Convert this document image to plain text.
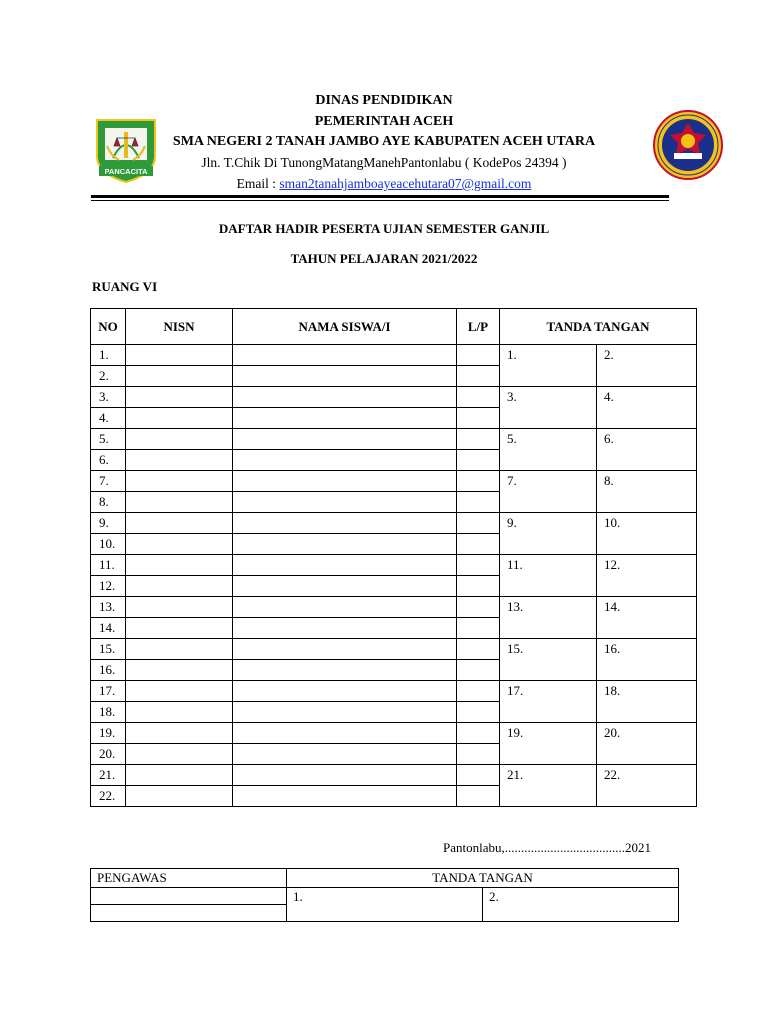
PANCACITA
DINAS PENDIDIKAN
PEMERINTAH ACEH
SMA NEGERI 2 TANAH JAMBO AYE KABUPATEN ACEH UTARA
Jln. T.Chik Di TunongMatangManehPantonlabu ( KodePos 24394 )
Email : sman2tanahjamboayeacehutara07@gmail.com
DAFTAR HADIR PESERTA UJIAN SEMESTER GANJIL
TAHUN PELAJARAN 2021/2022
RUANG VI
NO	NISN	NAMA SISWA/I	L/P	TANDA TANGAN	
1.				1.	2.
2.					
3.				3.	4.
4.					
5.				5.	6.
6.					
7.				7.	8.
8.					
9.				9.	10.
10.					
11.				11.	12.
12.					
13.				13.	14.
14.					
15.				15.	16.
16.					
17.				17.	18.
18.					
19.				19.	20.
20.					
21.				21.	22.
22.					
Pantonlabu,.....................................2021
PENGAWAS	TANDA TANGAN	
	1.	2.
